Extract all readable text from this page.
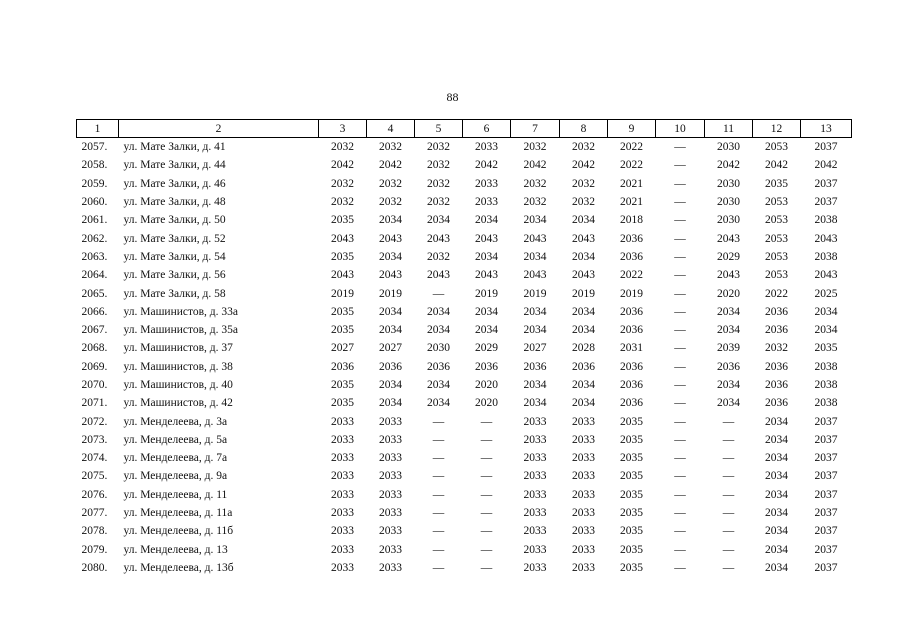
88
1	2	3	4	5	6	7	8	9	10	11	12	13
2057.	ул. Мате Залки, д. 41	2032	2032	2032	2033	2032	2032	2022	—	2030	2053	2037
2058.	ул. Мате Залки, д. 44	2042	2042	2032	2042	2042	2042	2022	—	2042	2042	2042
2059.	ул. Мате Залки, д. 46	2032	2032	2032	2033	2032	2032	2021	—	2030	2035	2037
2060.	ул. Мате Залки, д. 48	2032	2032	2032	2033	2032	2032	2021	—	2030	2053	2037
2061.	ул. Мате Залки, д. 50	2035	2034	2034	2034	2034	2034	2018	—	2030	2053	2038
2062.	ул. Мате Залки, д. 52	2043	2043	2043	2043	2043	2043	2036	—	2043	2053	2043
2063.	ул. Мате Залки, д. 54	2035	2034	2032	2034	2034	2034	2036	—	2029	2053	2038
2064.	ул. Мате Залки, д. 56	2043	2043	2043	2043	2043	2043	2022	—	2043	2053	2043
2065.	ул. Мате Залки, д. 58	2019	2019	—	2019	2019	2019	2019	—	2020	2022	2025
2066.	ул. Машинистов, д. 33а	2035	2034	2034	2034	2034	2034	2036	—	2034	2036	2034
2067.	ул. Машинистов, д. 35а	2035	2034	2034	2034	2034	2034	2036	—	2034	2036	2034
2068.	ул. Машинистов, д. 37	2027	2027	2030	2029	2027	2028	2031	—	2039	2032	2035
2069.	ул. Машинистов, д. 38	2036	2036	2036	2036	2036	2036	2036	—	2036	2036	2038
2070.	ул. Машинистов, д. 40	2035	2034	2034	2020	2034	2034	2036	—	2034	2036	2038
2071.	ул. Машинистов, д. 42	2035	2034	2034	2020	2034	2034	2036	—	2034	2036	2038
2072.	ул. Менделеева, д. 3а	2033	2033	—	—	2033	2033	2035	—	—	2034	2037
2073.	ул. Менделеева, д. 5а	2033	2033	—	—	2033	2033	2035	—	—	2034	2037
2074.	ул. Менделеева, д. 7а	2033	2033	—	—	2033	2033	2035	—	—	2034	2037
2075.	ул. Менделеева, д. 9а	2033	2033	—	—	2033	2033	2035	—	—	2034	2037
2076.	ул. Менделеева, д. 11	2033	2033	—	—	2033	2033	2035	—	—	2034	2037
2077.	ул. Менделеева, д. 11а	2033	2033	—	—	2033	2033	2035	—	—	2034	2037
2078.	ул. Менделеева, д. 11б	2033	2033	—	—	2033	2033	2035	—	—	2034	2037
2079.	ул. Менделеева, д. 13	2033	2033	—	—	2033	2033	2035	—	—	2034	2037
2080.	ул. Менделеева, д. 13б	2033	2033	—	—	2033	2033	2035	—	—	2034	2037
